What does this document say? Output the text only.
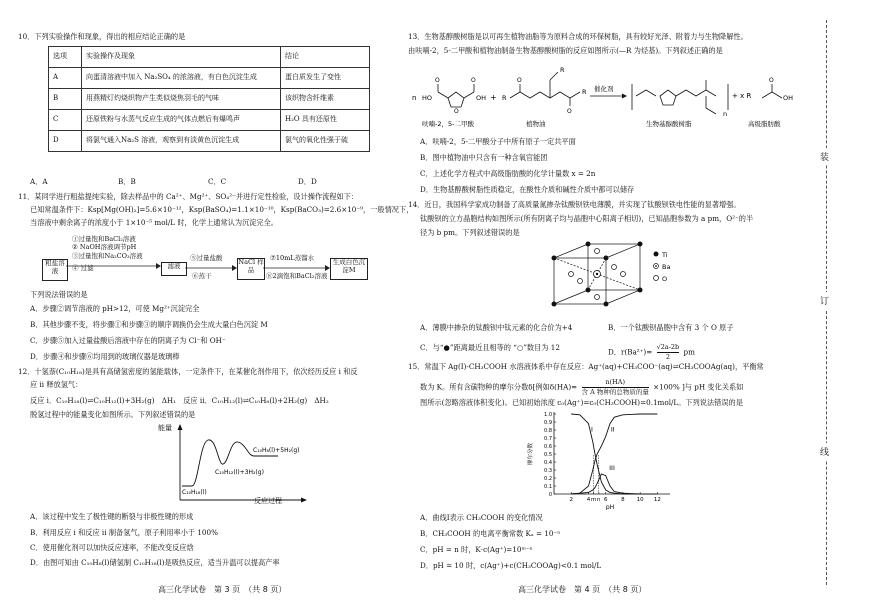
10．下列实验操作和现象，得出的相应结论正确的是
选项	实验操作及现象	结论
A	向蛋清溶液中加入 Na₂SO₄ 的浓溶液，有白色沉淀生成	蛋白质发生了变性
B	用燕精灯灼烧织物产生类似烧焦羽毛的气味	该织物含纤维素
C	还原铁粉与水蒸气反应生成的气体点燃后有爆鸣声	H₂O 具有还原性
D	将氯气通入Na₂S 溶液，观察到有淡黄色沉淀生成	氯气的氧化性强于硫
A．A	B．B	C．C	D．D
11．某同学进行粗盐提纯实验，除去样品中的 Ca²⁺、Mg²⁺、SO₄²⁻并进行定性检验，设计操作流程如下：
已知常温条件下：Ksp[Mg(OH)₂]=5.6×10⁻¹²，Ksp(BaSO₄)=1.1×10⁻¹⁰，Ksp(BaCO₃)=2.6×10⁻⁹，一般情况下，
当溶液中剩余离子的浓度小于 1×10⁻⁵ mol/L 时，化学上通常认为沉淀完全。
粗盐溶液
①过量饱和BaCl₂溶液
② NaOH溶液调节pH
③过量饱和Na₂CO₃溶液
④ 过滤	滤液
⑤过量盐酸
⑥蒸干
NaCl 样品
⑦10mL蒸馏水
⑧2滴饱和BaCl₂溶液
生成白色沉淀M
下列说法错误的是
A．步骤②调节溶液的 pH>12，可使 Mg²⁺沉淀完全
B．其他步骤不变，将步骤①和步骤③的顺序调换仍会生成大量白色沉淀 M
C．步骤⑤加入过量盐酸后溶液中存在的阴离子为 Cl⁻和 OH⁻
D．步骤④和步骤⑥均用到的玻璃仪器是玻璃棒
12．十氢萘(C₁₀H₁₈)是具有高储氢密度的氢能载体，一定条件下，在某催化剂作用下，依次经历反应 i 和反
应 ii 释放氢气：
反应 i．C₁₀H₁₈(l)⇌C₁₀H₁₂(l)+3H₂(g)　ΔH₁　反应 ii．C₁₀H₁₂(l)⇌C₁₀H₈(l)+2H₂(g)　ΔH₂
脱氢过程中的能量变化如图所示。下列叙述错误的是
能量
C₁₀H₈(l)+5H₂(g)
C₁₀H₁₂(l)+3H₂(g)
C₁₀H₁₈(l)
反应过程
A．该过程中发生了极性键的断裂与非极性键的形成
B．利用反应 i 和反应 ii 制备氢气，原子利用率小于 100%
C．使用催化剂可以加快反应速率，不能改变反应焓
D．由图可知由 C₁₀H₈(l)储氢制 C₁₀H₁₈(l)是吸热反应，适当升温可以提高产率
高三化学试卷　第 3 页　（共 8 页）
13．生物基醇酸树脂是以可再生植物油脂等为原料合成的环保树脂，具有较好光泽、附着力与生物降解性。
由呋喃-2，5-二甲酸和植物油制备生物基醇酸树脂的反应如图所示(—R 为烃基)。下列叙述正确的是
n HO	OH
O
O	O
+ R
R
R
O
O
催化剂
n
+ x R	OH
O
呋喃-2，5-二甲酸	植物油	生物基醇酸树脂	高级脂肪酸
A．呋喃-2，5-二甲酸分子中所有原子一定共平面
B．图中植物油中只含有一种含氧官能团
C．上述化学方程式中高级脂肪酸的化学计量数 x = 2n
D．生物基醇酸树脂性质稳定，在酸性介质和碱性介质中都可以储存
14．近日，我国科学家成功制备了高质量氮掺杂钛酸钡铁电薄膜，并实现了钛酸钡铁电性能的显著增强。
钛酸钡的立方晶胞结构如图所示(所有阴离子均与晶胞中心阳离子相切)，已知晶胞参数为 a pm，O²⁻的半
径为 b pm。下列叙述错误的是
Ti
Ba
O
A．薄膜中掺杂的钛酸钡中钛元素的化合价为+4	B．一个钛酸钡晶胞中含有 3 个 O 原子
C．与“●”距离最近且相等的 “○”数目为 12	D．$r(Ba^{2+})= \frac{√2a-2b}{2}$ pm
15．常温下 Ag(I)-CH₃COOH 水溶液体系中存在反应：Ag⁺(aq)+CH₃COO⁻(aq)⇌CH₃COOAg(aq)，平衡常
数为 K。所有含碳物种的摩尔分数δ[例如δ(HA)=
n(HA)
含 A 物种的总物质的量
×100% ]与 pH 变化关系如
图所示(忽略溶液体积变化)。已知初始浓度 c₀(Ag⁺)=c₀(CH₃COOH)=0.1mol/L。下列说法错误的是
0
0.1
0.2
0.3
0.4
0.5
0.6
0.7
0.8
0.9
1.0
2 4 m n 6 8 10 12
I	II
III
pH
摩尔分数
A．曲线Ⅰ表示 CH₃COOH 的变化情况
B．CH₃COOH 的电离平衡常数 Kₐ = 10⁻ⁿ
C．pH = n 时，K·c(Ag⁺)=10ᵐ⁻ⁿ
D．pH = 10 时，c(Ag⁺)+c(CH₃COOAg)<0.1 mol/L
高三化学试卷　第 4 页　（共 8 页）
装
订
线
